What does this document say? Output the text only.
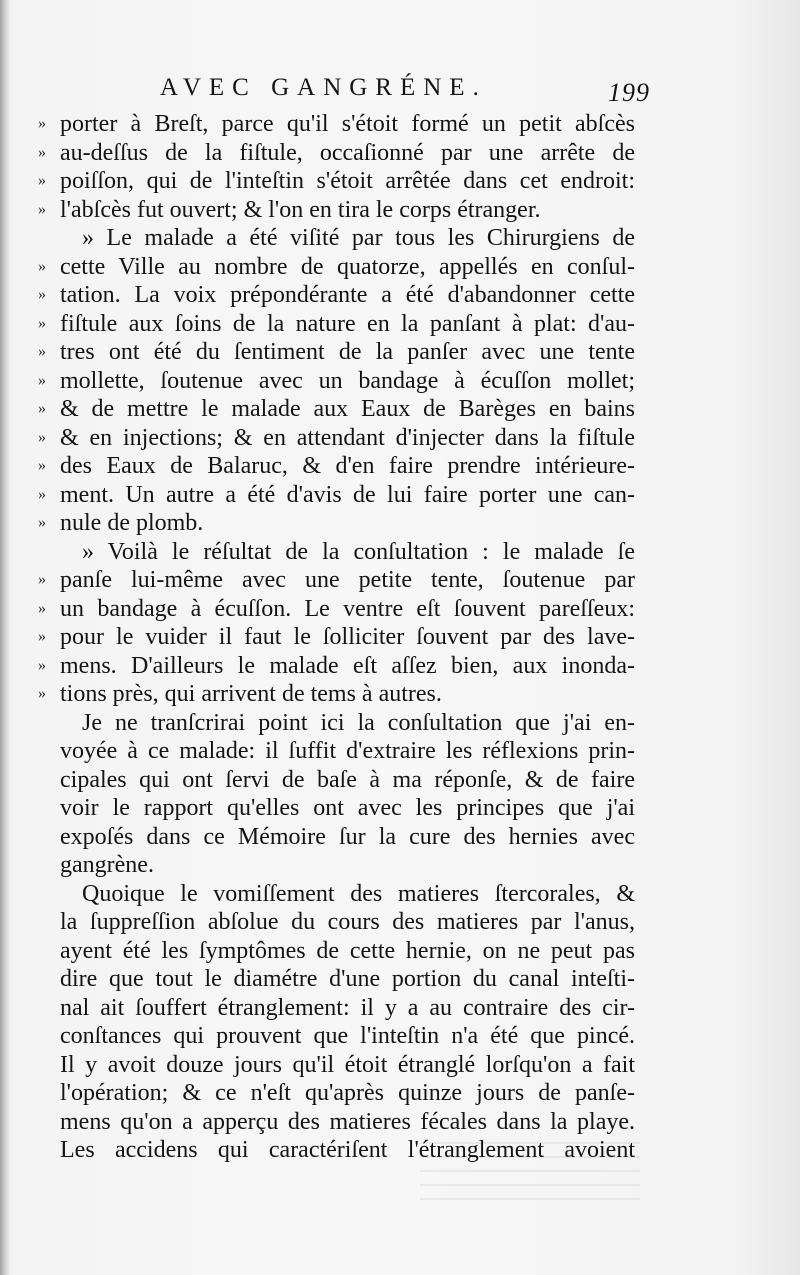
AVEC GANGRÉNE.	199
» porter à Breſt, parce qu'il s'étoit formé un petit abſcès
» au-deſſus de la fiſtule, occaſionné par une arrête de
» poiſſon, qui de l'inteſtin s'étoit arrêtée dans cet endroit:
» l'abſcès fut ouvert; & l'on en tira le corps étranger.
» Le malade a été viſité par tous les Chirurgiens de
» cette Ville au nombre de quatorze, appellés en conſul-
» tation. La voix prépondérante a été d'abandonner cette
» fiſtule aux ſoins de la nature en la panſant à plat: d'au-
» tres ont été du ſentiment de la panſer avec une tente
» mollette, ſoutenue avec un bandage à écuſſon mollet;
» & de mettre le malade aux Eaux de Barèges en bains
» & en injections; & en attendant d'injecter dans la fiſtule
» des Eaux de Balaruc, & d'en faire prendre intérieure-
» ment. Un autre a été d'avis de lui faire porter une can-
» nule de plomb.
» Voilà le réſultat de la conſultation : le malade ſe
» panſe lui-même avec une petite tente, ſoutenue par
» un bandage à écuſſon. Le ventre eſt ſouvent pareſſeux:
» pour le vuider il faut le ſolliciter ſouvent par des lave-
» mens. D'ailleurs le malade eſt aſſez bien, aux inonda-
» tions près, qui arrivent de tems à autres.
Je ne tranſcrirai point ici la conſultation que j'ai en-
voyée à ce malade: il ſuffit d'extraire les réflexions prin-
cipales qui ont ſervi de baſe à ma réponſe, & de faire
voir le rapport qu'elles ont avec les principes que j'ai
expoſés dans ce Mémoire ſur la cure des hernies avec
gangrène.
Quoique le vomiſſement des matieres ſtercorales, &
la ſuppreſſion abſolue du cours des matieres par l'anus,
ayent été les ſymptômes de cette hernie, on ne peut pas
dire que tout le diamétre d'une portion du canal inteſti-
nal ait ſouffert étranglement: il y a au contraire des cir-
conſtances qui prouvent que l'inteſtin n'a été que pincé.
Il y avoit douze jours qu'il étoit étranglé lorſqu'on a fait
l'opération; & ce n'eſt qu'après quinze jours de panſe-
mens qu'on a apperçu des matieres fécales dans la playe.
Les accidens qui caractériſent l'étranglement avoient
